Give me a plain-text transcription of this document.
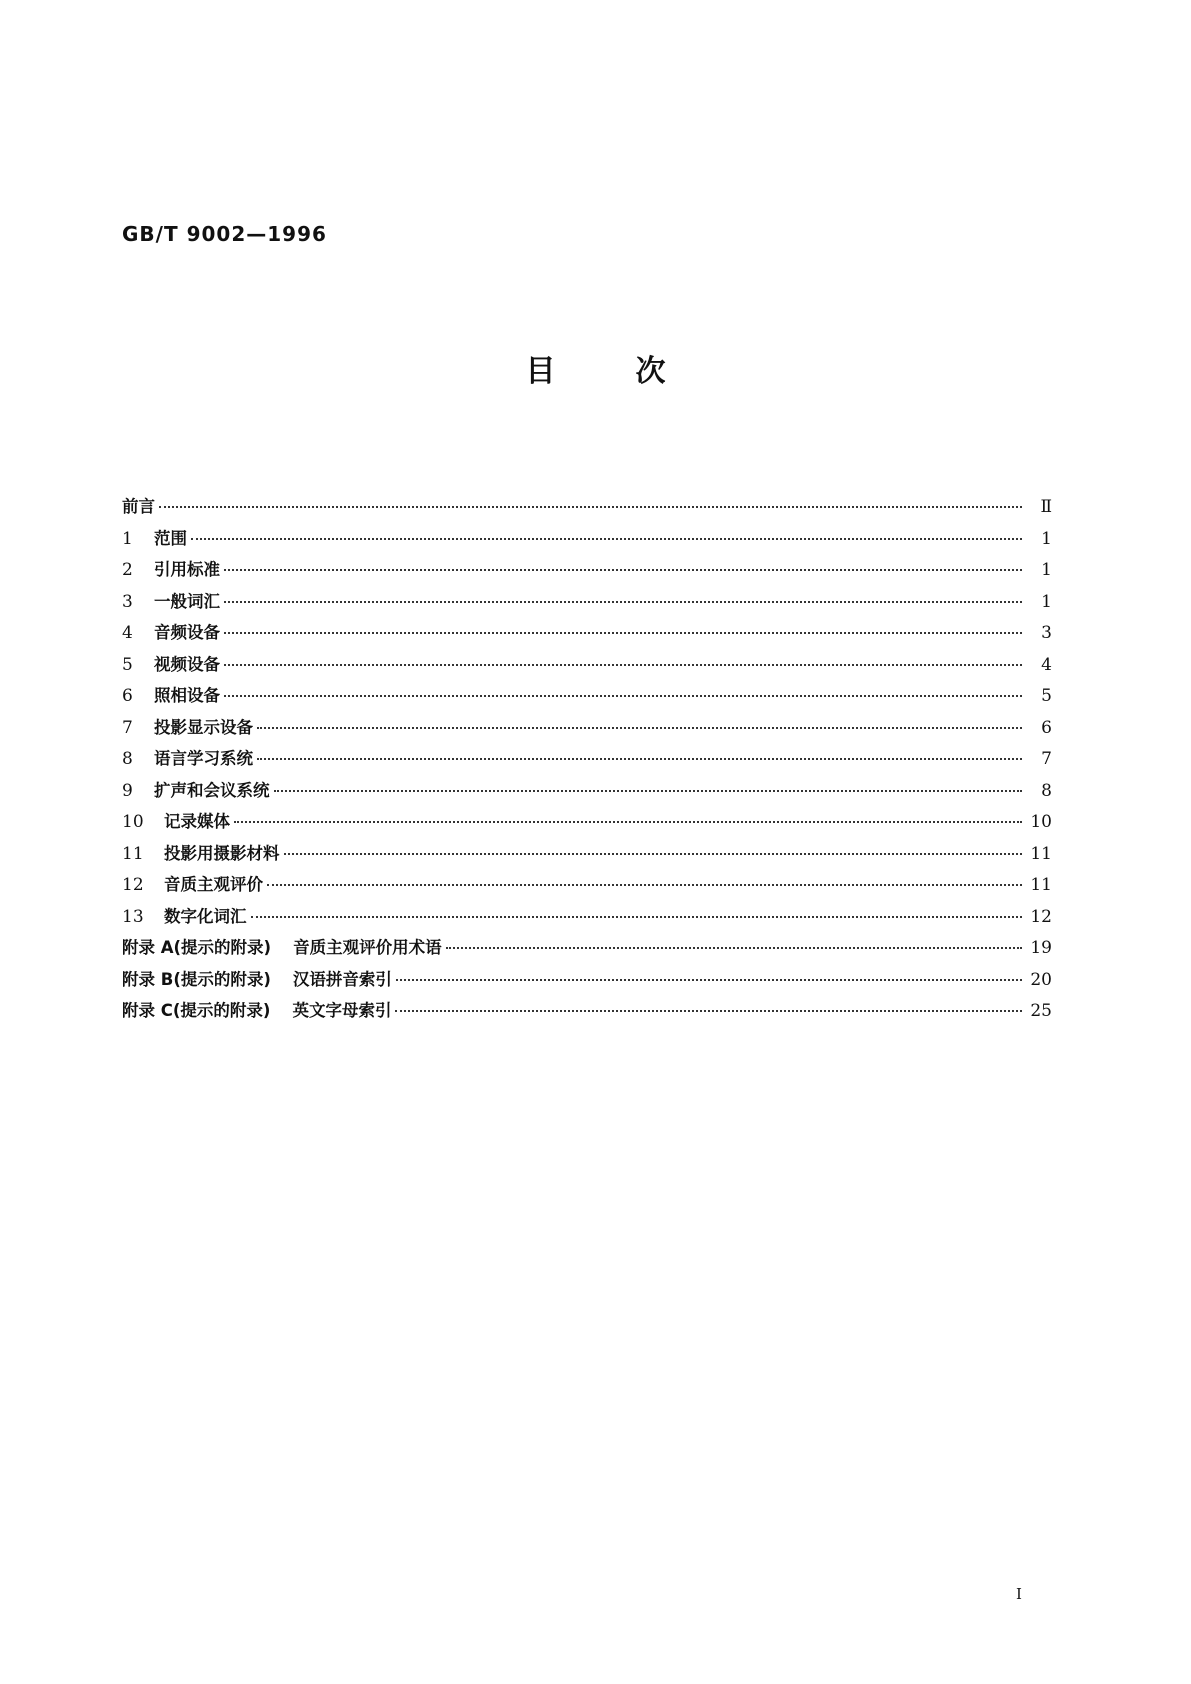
GB/T 9002—1996
目次
前言	Ⅱ
1	范围	1
2	引用标准	1
3	一般词汇	1
4	音频设备	3
5	视频设备	4
6	照相设备	5
7	投影显示设备	6
8	语言学习系统	7
9	扩声和会议系统	8
10	记录媒体	10
11	投影用摄影材料	11
12	音质主观评价	11
13	数字化词汇	12
附录 A(提示的附录) 音质主观评价用术语	19
附录 B(提示的附录) 汉语拼音索引	20
附录 C(提示的附录) 英文字母索引	25
Ⅰ
